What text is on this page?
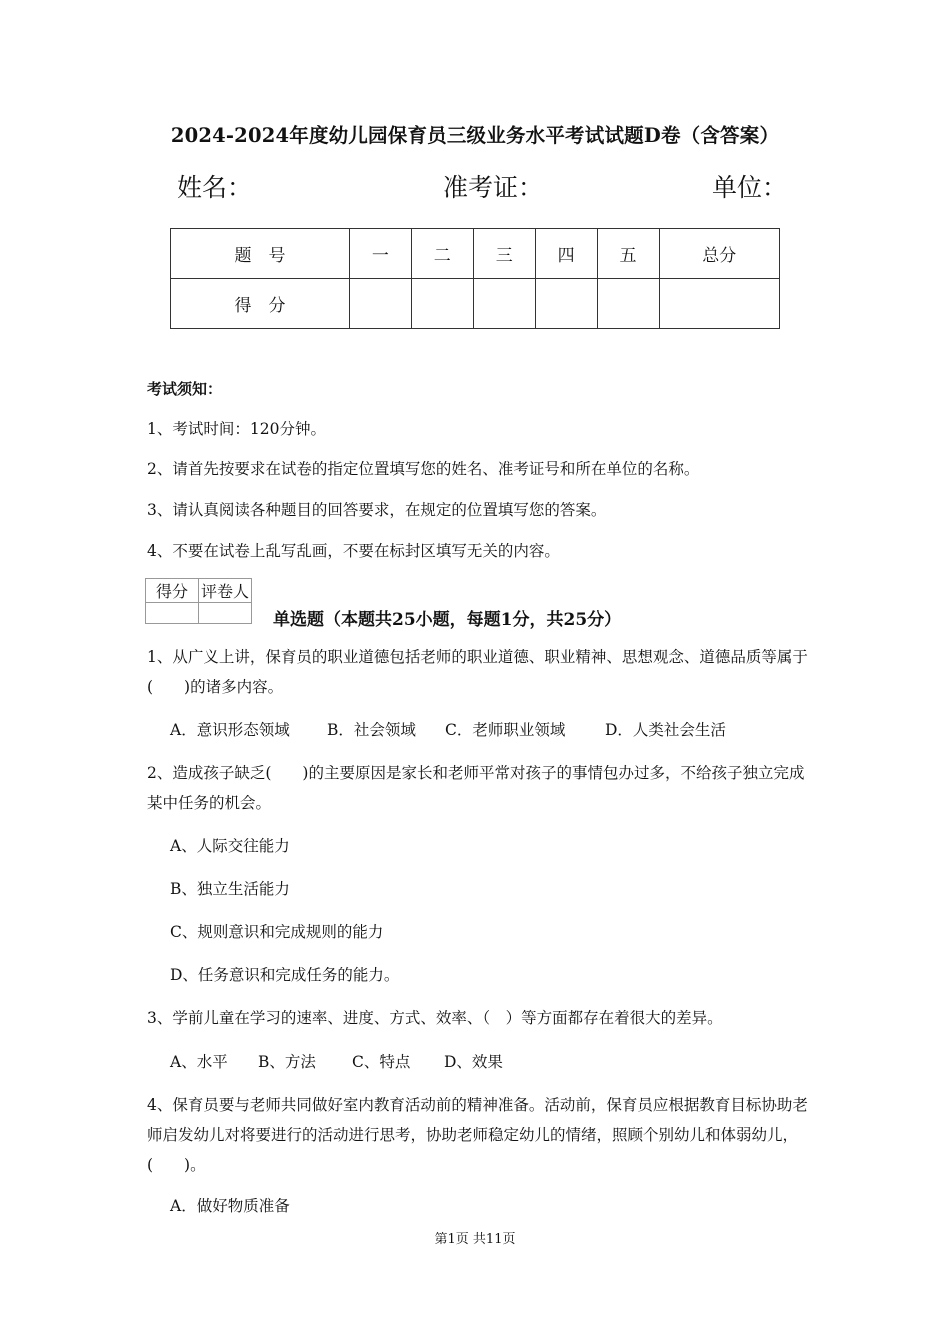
2024-2024年度幼儿园保育员三级业务水平考试试题D卷（含答案）
姓名：	准考证：	单位：
题　号	一	二	三	四	五	总分
得　分						
考试须知：
1、考试时间：120分钟。
2、请首先按要求在试卷的指定位置填写您的姓名、准考证号和所在单位的名称。
3、请认真阅读各种题目的回答要求，在规定的位置填写您的答案。
4、不要在试卷上乱写乱画，不要在标封区填写无关的内容。
得分	评卷人

单选题（本题共25小题，每题1分，共25分）
1、从广义上讲，保育员的职业道德包括老师的职业道德、职业精神、思想观念、道德品质等属于(　　)的诸多内容。
A．意识形态领域 B．社会领域 C．老师职业领域	D．人类社会生活
2、造成孩子缺乏(　　)的主要原因是家长和老师平常对孩子的事情包办过多，不给孩子独立完成某中任务的机会。
A、人际交往能力
B、独立生活能力
C、规则意识和完成规则的能力
D、任务意识和完成任务的能力。
3、学前儿童在学习的速率、进度、方式、效率、（　）等方面都存在着很大的差异。
A、水平 B、方法 C、特点 D、效果
4、保育员要与老师共同做好室内教育活动前的精神准备。活动前，保育员应根据教育目标协助老师启发幼儿对将要进行的活动进行思考，协助老师稳定幼儿的情绪，照顾个别幼儿和体弱幼儿，(　　)。
A．做好物质准备
第1页 共11页
